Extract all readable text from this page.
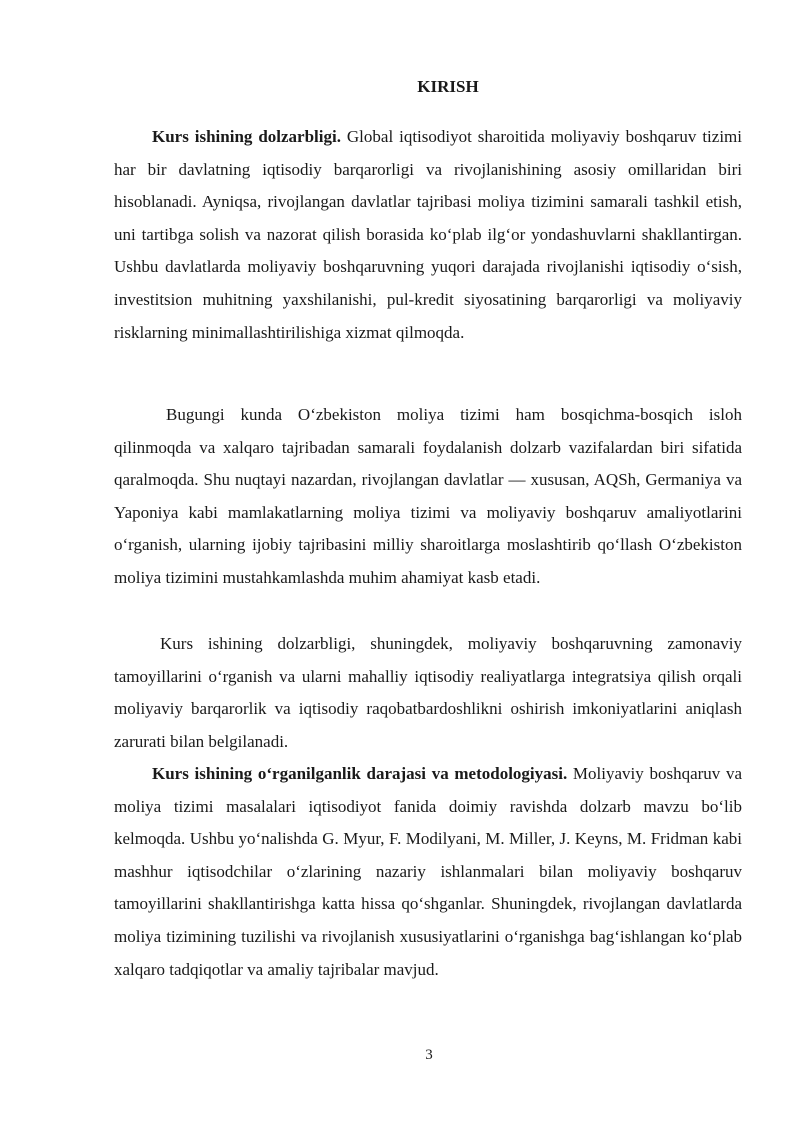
KIRISH

Kurs ishining dolzarbligi. Global iqtisodiyot sharoitida moliyaviy boshqaruv tizimi har bir davlatning iqtisodiy barqarorligi va rivojlanishining asosiy omillaridan biri hisoblanadi. Ayniqsa, rivojlangan davlatlar tajribasi moliya tizimini samarali tashkil etish, uni tartibga solish va nazorat qilish borasida ko‘plab ilg‘or yondashuvlarni shakllantirgan. Ushbu davlatlarda moliyaviy boshqaruvning yuqori darajada rivojlanishi iqtisodiy o‘sish, investitsion muhitning yaxshilanishi, pul-kredit siyosatining barqarorligi va moliyaviy risklarning minimallashtirilishiga xizmat qilmoqda.

Bugungi kunda O‘zbekiston moliya tizimi ham bosqichma-bosqich isloh qilinmoqda va xalqaro tajribadan samarali foydalanish dolzarb vazifalardan biri sifatida qaralmoqda. Shu nuqtayi nazardan, rivojlangan davlatlar — xususan, AQSh, Germaniya va Yaponiya kabi mamlakatlarning moliya tizimi va moliyaviy boshqaruv amaliyotlarini o‘rganish, ularning ijobiy tajribasini milliy sharoitlarga moslashtirib qo‘llash O‘zbekiston moliya tizimini mustahkamlashda muhim ahamiyat kasb etadi.

Kurs ishining dolzarbligi, shuningdek, moliyaviy boshqaruvning zamonaviy tamoyillarini o‘rganish va ularni mahalliy iqtisodiy realiyatlarga integratsiya qilish orqali moliyaviy barqarorlik va iqtisodiy raqobatbardoshlikni oshirish imkoniyatlarini aniqlash zarurati bilan belgilanadi.

Kurs ishining o‘rganilganlik darajasi va metodologiyasi. Moliyaviy boshqaruv va moliya tizimi masalalari iqtisodiyot fanida doimiy ravishda dolzarb mavzu bo‘lib kelmoqda. Ushbu yo‘nalishda G. Myur, F. Modilyani, M. Miller, J. Keyns, M. Fridman kabi mashhur iqtisodchilar o‘zlarining nazariy ishlanmalari bilan moliyaviy boshqaruv tamoyillarini shakllantirishga katta hissa qo‘shganlar. Shuningdek, rivojlangan davlatlarda moliya tizimining tuzilishi va rivojlanish xususiyatlarini o‘rganishga bag‘ishlangan ko‘plab xalqaro tadqiqotlar va amaliy tajribalar mavjud.

3
